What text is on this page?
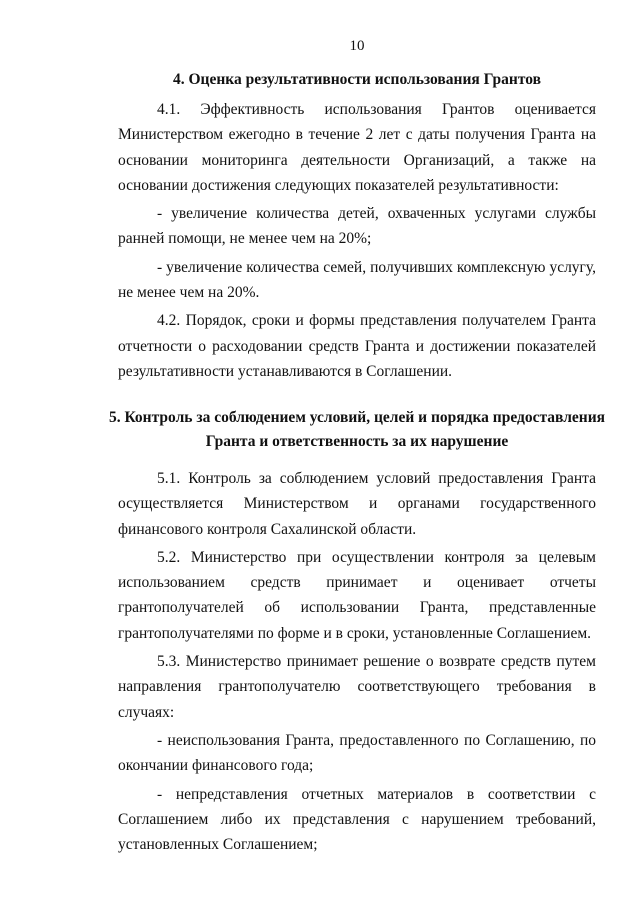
10
4. Оценка результативности использования Грантов

4.1. Эффективность использования Грантов оценивается Министерством ежегодно в течение 2 лет с даты получения Гранта на основании мониторинга деятельности Организаций, а также на основании достижения следующих показателей результативности:

- увеличение количества детей, охваченных услугами службы ранней помощи, не менее чем на 20%;

- увеличение количества семей, получивших комплексную услугу, не менее чем на 20%.

4.2. Порядок, сроки и формы представления получателем Гранта отчетности о расходовании средств Гранта и достижении показателей результативности устанавливаются в Соглашении.

5. Контроль за соблюдением условий, целей и порядка предоставления
Гранта и ответственность за их нарушение

5.1. Контроль за соблюдением условий предоставления Гранта осуществляется Министерством и органами государственного финансового контроля Сахалинской области.

5.2. Министерство при осуществлении контроля за целевым использованием средств принимает и оценивает отчеты грантополучателей об использовании Гранта, представленные грантополучателями по форме и в сроки, установленные Соглашением.

5.3. Министерство принимает решение о возврате средств путем направления грантополучателю соответствующего требования в случаях:

- неиспользования Гранта, предоставленного по Соглашению, по окончании финансового года;

- непредставления отчетных материалов в соответствии с Соглашением либо их представления с нарушением требований, установленных Соглашением;
